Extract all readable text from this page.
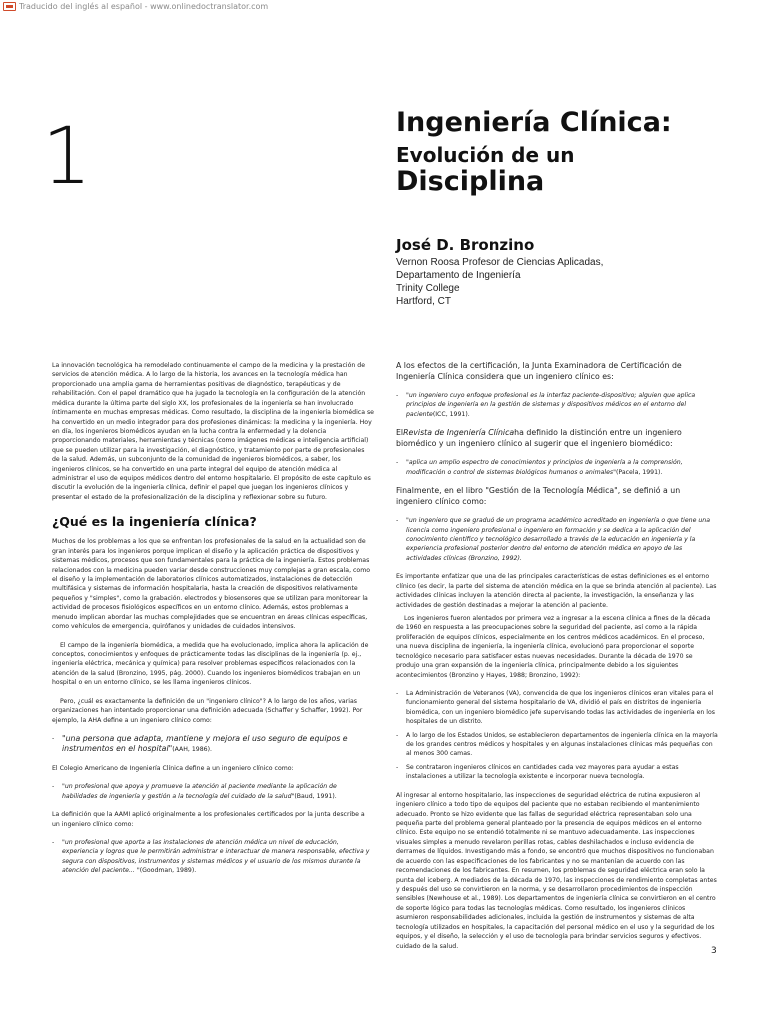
Traducido del inglés al español - www.onlinedoctranslator.com
1	Ingeniería Clínica:
Evolución de un
Disciplina
José D. Bronzino
Vernon Roosa Profesor de Ciencias Aplicadas,
Departamento de Ingeniería
Trinity College
Hartford, CT

La innovación tecnológica ha remodelado continuamente el campo de la medicina y la prestación de servicios de atención médica. A lo largo de la historia, los avances en la tecnología médica han proporcionado una amplia gama de herramientas positivas de diagnóstico, terapéuticas y de rehabilitación. Con el papel dramático que ha jugado la tecnología en la configuración de la atención médica durante la última parte del siglo XX, los profesionales de la ingeniería se han involucrado íntimamente en muchas empresas médicas. Como resultado, la disciplina de la ingeniería biomédica se ha convertido en un medio integrador para dos profesiones dinámicas: la medicina y la ingeniería. Hoy en día, los ingenieros biomédicos ayudan en la lucha contra la enfermedad y la dolencia proporcionando materiales, herramientas y técnicas (como imágenes médicas e inteligencia artificial) que se pueden utilizar para la investigación, el diagnóstico, y tratamiento por parte de profesionales de la salud. Además, un subconjunto de la comunidad de ingenieros biomédicos, a saber, los ingenieros clínicos, se ha convertido en una parte integral del equipo de atención médica al administrar el uso de equipos médicos dentro del entorno hospitalario. El propósito de este capítulo es discutir la evolución de la ingeniería clínica, definir el papel que juegan los ingenieros clínicos y presentar el estado de la profesionalización de la disciplina y reflexionar sobre su futuro.

¿Qué es la ingeniería clínica?

Muchos de los problemas a los que se enfrentan los profesionales de la salud en la actualidad son de gran interés para los ingenieros porque implican el diseño y la aplicación práctica de dispositivos y sistemas médicos, procesos que son fundamentales para la práctica de la ingeniería. Estos problemas relacionados con la medicina pueden variar desde construcciones muy complejas a gran escala, como el diseño y la implementación de laboratorios clínicos automatizados, instalaciones de detección multifásica y sistemas de información hospitalaria, hasta la creación de dispositivos relativamente pequeños y "simples", como la grabación. electrodos y biosensores que se utilizan para monitorear la actividad de procesos fisiológicos específicos en un entorno clínico. Además, estos problemas a menudo implican abordar las muchas complejidades que se encuentran en áreas clínicas específicas, como vehículos de emergencia, quirófanos y unidades de cuidados intensivos.

El campo de la ingeniería biomédica, a medida que ha evolucionado, implica ahora la aplicación de conceptos, conocimientos y enfoques de prácticamente todas las disciplinas de la ingeniería (p. ej., ingeniería eléctrica, mecánica y química) para resolver problemas específicos relacionados con la atención de la salud (Bronzino, 1995, pág. 2000). Cuando los ingenieros biomédicos trabajan en un hospital o en un entorno clínico, se les llama ingenieros clínicos.

Pero, ¿cuál es exactamente la definición de un "ingeniero clínico"? A lo largo de los años, varias organizaciones han intentado proporcionar una definición adecuada (Schaffer y Schaffer, 1992). Por ejemplo, la AHA define a un ingeniero clínico como:

- "una persona que adapta, mantiene y mejora el uso seguro de equipos e instrumentos en el hospital"(AAH, 1986).

El Colegio Americano de Ingeniería Clínica define a un ingeniero clínico como:

- "un profesional que apoya y promueve la atención al paciente mediante la aplicación de habilidades de ingeniería y gestión a la tecnología del cuidado de la salud"(Baud, 1991).

La definición que la AAMI aplicó originalmente a los profesionales certificados por la junta describe a un ingeniero clínico como:

- "un profesional que aporta a las instalaciones de atención médica un nivel de educación, experiencia y logros que le permitirán administrar e interactuar de manera responsable, efectiva y segura con dispositivos, instrumentos y sistemas médicos y el usuario de los mismos durante la atención del paciente... "(Goodman, 1989).

A los efectos de la certificación, la Junta Examinadora de Certificación de Ingeniería Clínica considera que un ingeniero clínico es:

- "un ingeniero cuyo enfoque profesional es la interfaz paciente-dispositivo; alguien que aplica principios de ingeniería en la gestión de sistemas y dispositivos médicos en el entorno del paciente(ICC, 1991).

ElRevista de Ingeniería Clínicaha definido la distinción entre un ingeniero biomédico y un ingeniero clínico al sugerir que el ingeniero biomédico:

- "aplica un amplio espectro de conocimientos y principios de ingeniería a la comprensión, modificación o control de sistemas biológicos humanos o animales"(Pacela, 1991).

Finalmente, en el libro "Gestión de la Tecnología Médica", se definió a un ingeniero clínico como:

- "un ingeniero que se graduó de un programa académico acreditado en ingeniería o que tiene una licencia como ingeniero profesional o ingeniero en formación y se dedica a la aplicación del conocimiento científico y tecnológico desarrollado a través de la educación en ingeniería y la experiencia profesional posterior dentro del entorno de atención médica en apoyo de las actividades clínicas (Bronzino, 1992).

Es importante enfatizar que una de las principales características de estas definiciones es el entorno clínico (es decir, la parte del sistema de atención médica en la que se brinda atención al paciente). Las actividades clínicas incluyen la atención directa al paciente, la investigación, la enseñanza y las actividades de gestión destinadas a mejorar la atención al paciente.

Los ingenieros fueron alentados por primera vez a ingresar a la escena clínica a fines de la década de 1960 en respuesta a las preocupaciones sobre la seguridad del paciente, así como a la rápida proliferación de equipos clínicos, especialmente en los centros médicos académicos. En el proceso, una nueva disciplina de ingeniería, la ingeniería clínica, evolucionó para proporcionar el soporte tecnológico necesario para satisfacer estas nuevas necesidades. Durante la década de 1970 se produjo una gran expansión de la ingeniería clínica, principalmente debido a los siguientes acontecimientos (Bronzino y Hayes, 1988; Bronzino, 1992):

- La Administración de Veteranos (VA), convencida de que los ingenieros clínicos eran vitales para el funcionamiento general del sistema hospitalario de VA, dividió el país en distritos de ingeniería biomédica, con un ingeniero biomédico jefe supervisando todas las actividades de ingeniería en los hospitales de un distrito.

- A lo largo de los Estados Unidos, se establecieron departamentos de ingeniería clínica en la mayoría de los grandes centros médicos y hospitales y en algunas instalaciones clínicas más pequeñas con al menos 300 camas.

- Se contrataron ingenieros clínicos en cantidades cada vez mayores para ayudar a estas instalaciones a utilizar la tecnología existente e incorporar nueva tecnología.

Al ingresar al entorno hospitalario, las inspecciones de seguridad eléctrica de rutina expusieron al ingeniero clínico a todo tipo de equipos del paciente que no estaban recibiendo el mantenimiento adecuado. Pronto se hizo evidente que las fallas de seguridad eléctrica representaban solo una pequeña parte del problema general planteado por la presencia de equipos médicos en el entorno clínico. Este equipo no se entendió totalmente ni se mantuvo adecuadamente. Las inspecciones visuales simples a menudo revelaron perillas rotas, cables deshilachados e incluso evidencia de derrames de líquidos. Investigando más a fondo, se encontró que muchos dispositivos no funcionaban de acuerdo con las especificaciones de los fabricantes y no se mantenían de acuerdo con las recomendaciones de los fabricantes. En resumen, los problemas de seguridad eléctrica eran solo la punta del iceberg. A mediados de la década de 1970, las inspecciones de rendimiento completas antes y después del uso se convirtieron en la norma, y se desarrollaron procedimientos de inspección sensibles (Newhouse et al., 1989). Los departamentos de ingeniería clínica se convirtieron en el centro de soporte lógico para todas las tecnologías médicas. Como resultado, los ingenieros clínicos asumieron responsabilidades adicionales, incluida la gestión de instrumentos y sistemas de alta tecnología utilizados en hospitales, la capacitación del personal médico en el uso y la seguridad de los equipos, y el diseño, la selección y el uso de tecnología para brindar servicios seguros y efectivos. cuidado de la salud.	3
